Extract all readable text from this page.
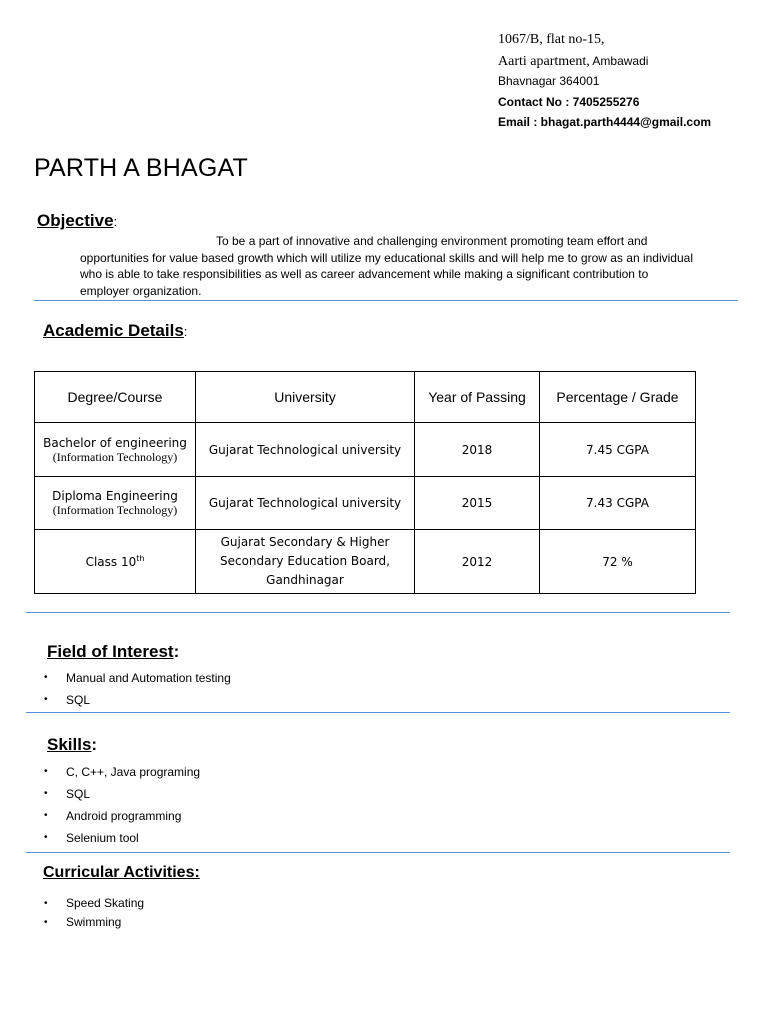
1067/B, flat no-15,
Aarti apartment, Ambawadi
Bhavnagar 364001
Contact No : 7405255276
Email : bhagat.parth4444@gmail.com
PARTH A BHAGAT
Objective:
To be a part of innovative and challenging environment promoting team effort and opportunities for value based growth which will utilize my educational skills and will help me to grow as an individual who is able to take responsibilities as well as career advancement while making a significant contribution to employer organization.
Academic Details:
Degree/Course	University	Year of Passing	Percentage / Grade
Bachelor of engineering
(Information Technology)	Gujarat Technological university	2018	7.45 CGPA
Diploma Engineering
(Information Technology)	Gujarat Technological university	2015	7.43 CGPA
Class 10th	Gujarat Secondary & Higher
Secondary Education Board,
Gandhinagar	2012	72 %
Field of Interest:
• Manual and Automation testing
• SQL
Skills:
• C, C++, Java programing
• SQL
• Android programming
• Selenium tool
Curricular Activities:
• Speed Skating
• Swimming
